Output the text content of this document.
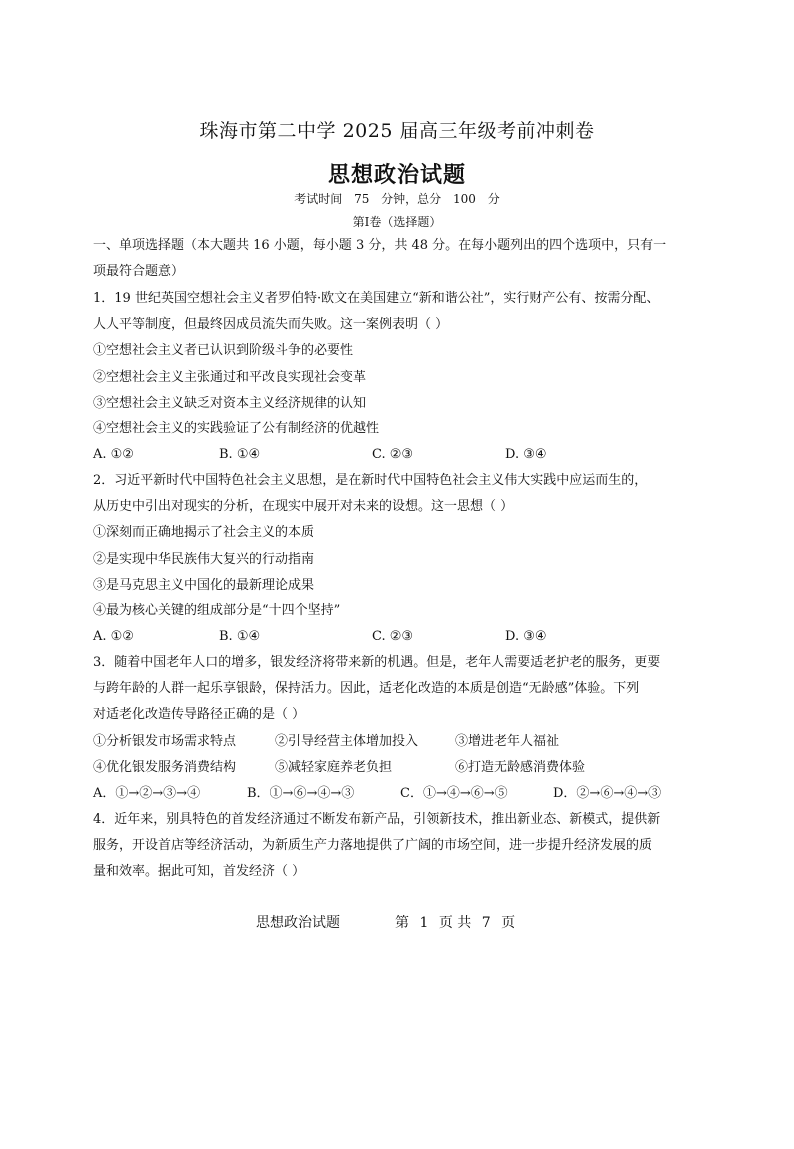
珠海市第二中学 2025 届高三年级考前冲刺卷
思想政治试题
考试时间 75 分钟，总分 100 分
第Ⅰ卷（选择题）
一、单项选择题（本大题共 16 小题，每小题 3 分，共 48 分。在每小题列出的四个选项中，只有一
项最符合题意）
1．19 世纪英国空想社会主义者罗伯特·欧文在美国建立“新和谐公社”，实行财产公有、按需分配、
人人平等制度，但最终因成员流失而失败。这一案例表明（ ）
①空想社会主义者已认识到阶级斗争的必要性
②空想社会主义主张通过和平改良实现社会变革
③空想社会主义缺乏对资本主义经济规律的认知
④空想社会主义的实践验证了公有制经济的优越性
A. ①②	B. ①④	C. ②③	D. ③④
2．习近平新时代中国特色社会主义思想，是在新时代中国特色社会主义伟大实践中应运而生的，
从历史中引出对现实的分析，在现实中展开对未来的设想。这一思想（ ）
①深刻而正确地揭示了社会主义的本质
②是实现中华民族伟大复兴的行动指南
③是马克思主义中国化的最新理论成果
④最为核心关键的组成部分是“十四个坚持”
A. ①②	B. ①④	C. ②③	D. ③④
3．随着中国老年人口的增多，银发经济将带来新的机遇。但是，老年人需要适老护老的服务，更要
与跨年龄的人群一起乐享银龄，保持活力。因此，适老化改造的本质是创造“无龄感”体验。下列
对适老化改造传导路径正确的是（ ）
①分析银发市场需求特点	②引导经营主体增加投入	③增进老年人福祉
④优化银发服务消费结构	⑤减轻家庭养老负担	⑥打造无龄感消费体验
A．①→②→③→④	B．①→⑥→④→③	C．①→④→⑥→⑤	D．②→⑥→④→③
4．近年来，别具特色的首发经济通过不断发布新产品，引领新技术，推出新业态、新模式，提供新
服务，开设首店等经济活动，为新质生产力落地提供了广阔的市场空间，进一步提升经济发展的质
量和效率。据此可知，首发经济（ ）
思想政治试题	第 1 页 共 7 页
